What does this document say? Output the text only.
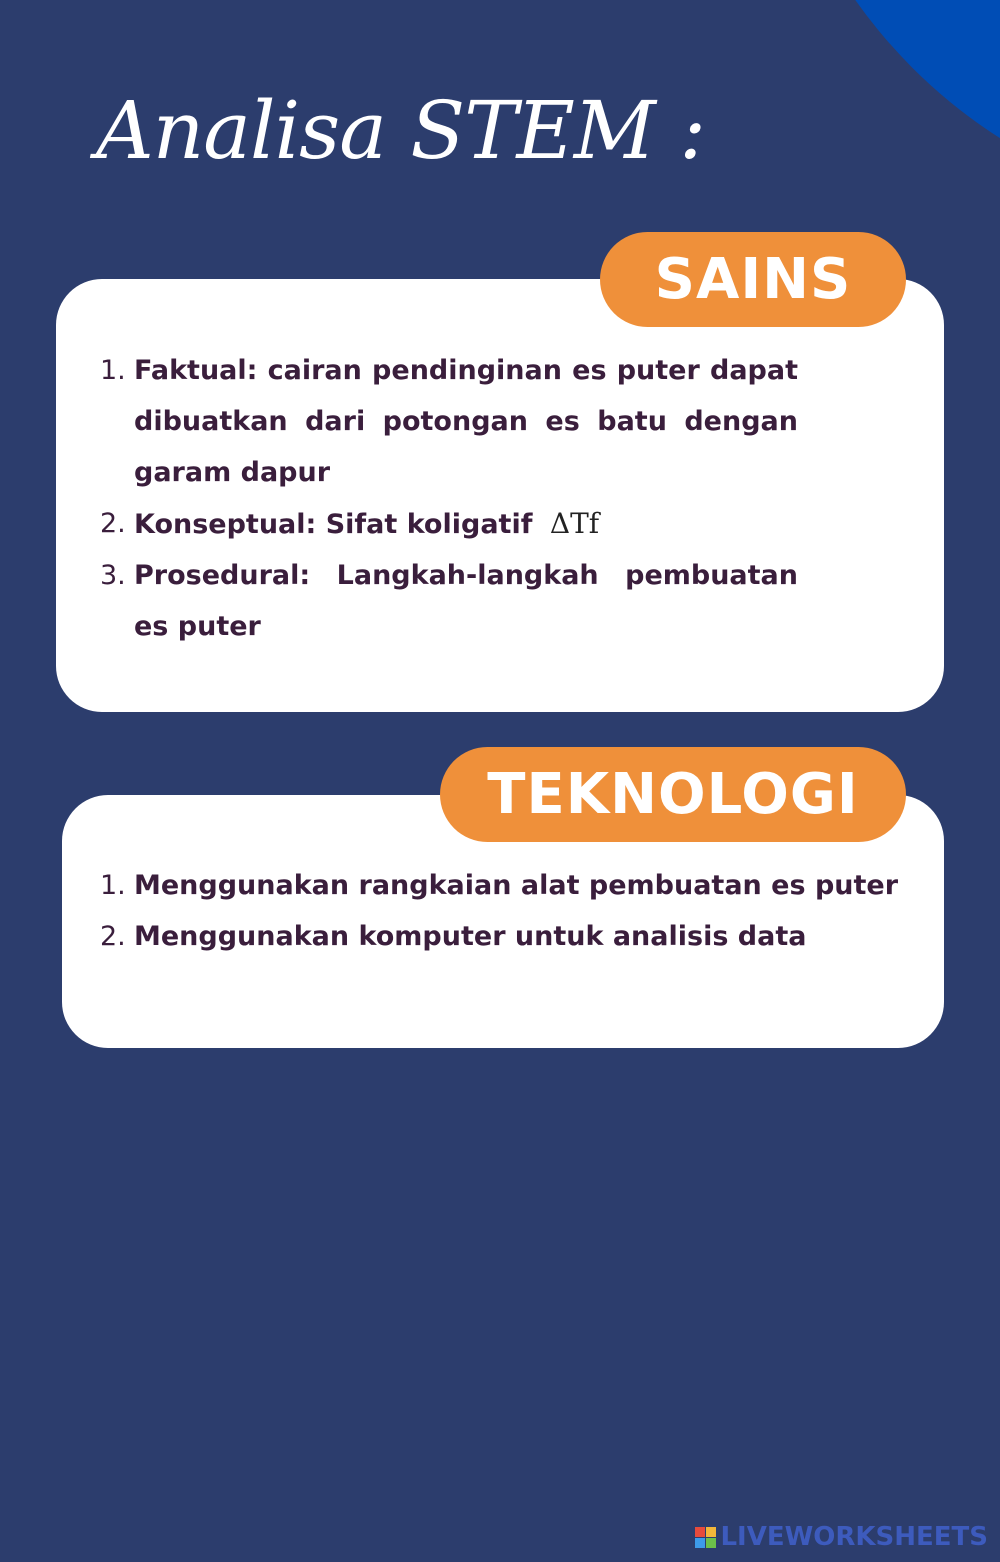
Analisa STEM :
SAINS
1. Faktual: cairan pendinginan es puter dapat dibuatkan dari potongan es batu dengan garam dapur
2. Konseptual: Sifat koligatif ΔTf
3. Prosedural: Langkah-langkah pembuatan es puter
TEKNOLOGI
1. Menggunakan rangkaian alat pembuatan es puter
2. Menggunakan komputer untuk analisis data
LIVEWORKSHEETS
